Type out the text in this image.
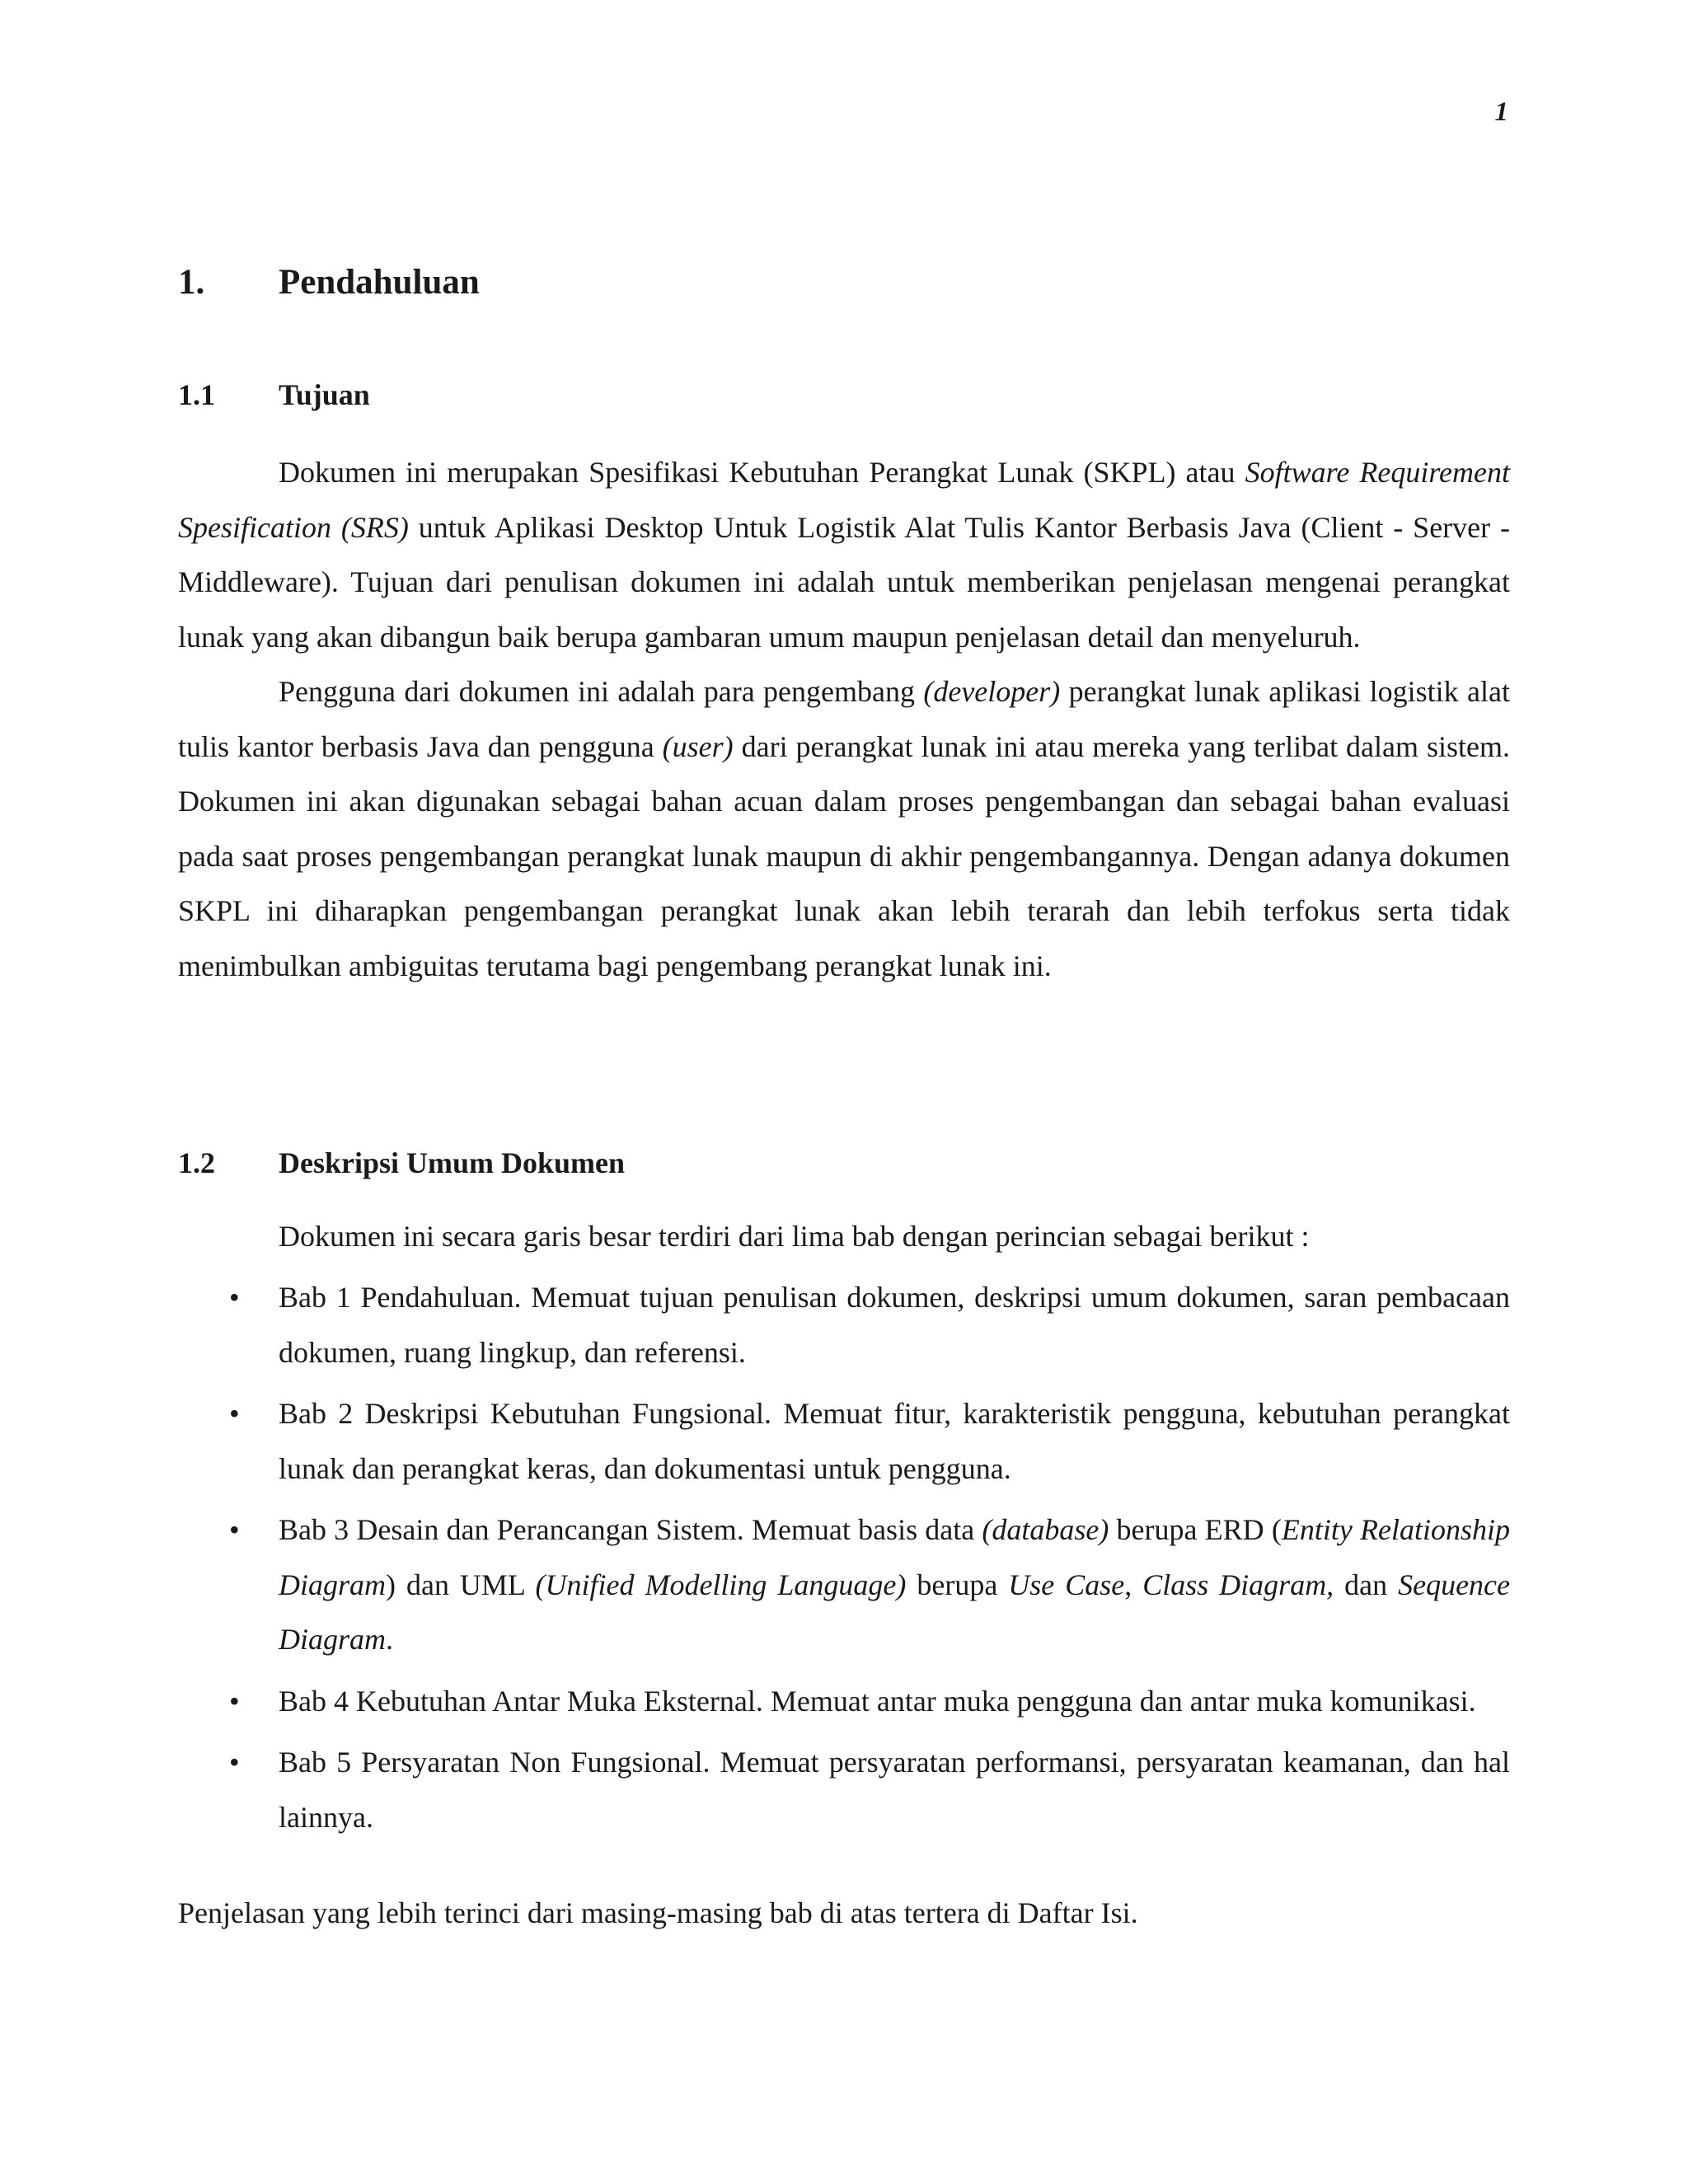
1
1. Pendahuluan
1.1 Tujuan

Dokumen ini merupakan Spesifikasi Kebutuhan Perangkat Lunak (SKPL) atau Software Requirement Spesification (SRS) untuk Aplikasi Desktop Untuk Logistik Alat Tulis Kantor Berbasis Java (Client - Server - Middleware). Tujuan dari penulisan dokumen ini adalah untuk memberikan penjelasan mengenai perangkat lunak yang akan dibangun baik berupa gambaran umum maupun penjelasan detail dan menyeluruh.

Pengguna dari dokumen ini adalah para pengembang (developer) perangkat lunak aplikasi logistik alat tulis kantor berbasis Java dan pengguna (user) dari perangkat lunak ini atau mereka yang terlibat dalam sistem. Dokumen ini akan digunakan sebagai bahan acuan dalam proses pengembangan dan sebagai bahan evaluasi pada saat proses pengembangan perangkat lunak maupun di akhir pengembangannya. Dengan adanya dokumen SKPL ini diharapkan pengembangan perangkat lunak akan lebih terarah dan lebih terfokus serta tidak menimbulkan ambiguitas terutama bagi pengembang perangkat lunak ini.

1.2 Deskripsi Umum Dokumen
Dokumen ini secara garis besar terdiri dari lima bab dengan perincian sebagai berikut :
• Bab 1 Pendahuluan. Memuat tujuan penulisan dokumen, deskripsi umum dokumen, saran pembacaan dokumen, ruang lingkup, dan referensi.
• Bab 2 Deskripsi Kebutuhan Fungsional. Memuat fitur, karakteristik pengguna, kebutuhan perangkat lunak dan perangkat keras, dan dokumentasi untuk pengguna.
• Bab 3 Desain dan Perancangan Sistem. Memuat basis data (database) berupa ERD (Entity Relationship Diagram) dan UML (Unified Modelling Language) berupa Use Case, Class Diagram, dan Sequence Diagram.
• Bab 4 Kebutuhan Antar Muka Eksternal. Memuat antar muka pengguna dan antar muka komunikasi.
• Bab 5 Persyaratan Non Fungsional. Memuat persyaratan performansi, persyaratan keamanan, dan hal lainnya.
Penjelasan yang lebih terinci dari masing-masing bab di atas tertera di Daftar Isi.
